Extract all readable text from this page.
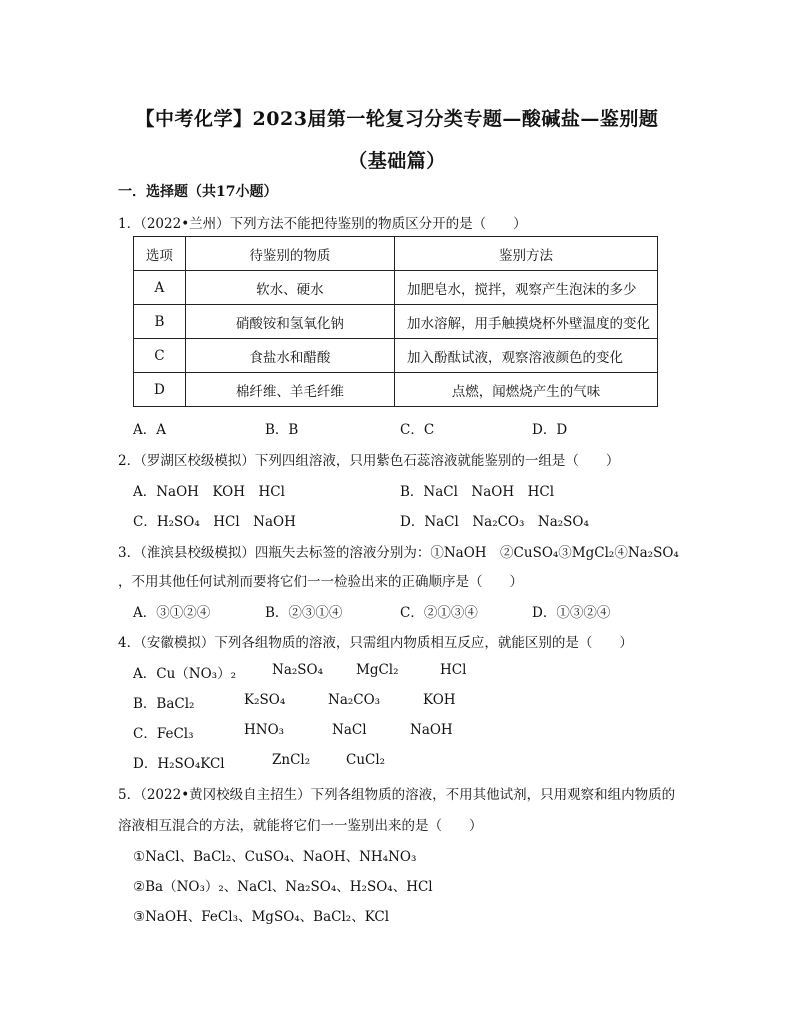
【中考化学】2023届第一轮复习分类专题—酸碱盐—鉴别题
（基础篇）
一．选择题（共17小题）
1．（2022•兰州）下列方法不能把待鉴别的物质区分开的是（　　）
选项	待鉴别的物质	鉴别方法
A	软水、硬水	加肥皂水，搅拌，观察产生泡沫的多少
B	硝酸铵和氢氧化钠	加水溶解，用手触摸烧杯外壁温度的变化
C	食盐水和醋酸	加入酚酞试液，观察溶液颜色的变化
D	棉纤维、羊毛纤维	点燃，闻燃烧产生的气味
A．A	B．B	C．C	D．D
2．（罗湖区校级模拟）下列四组溶液，只用紫色石蕊溶液就能鉴别的一组是（　　）
A．NaOH　KOH　HCl	B．NaCl　NaOH　HCl
C．H₂SO₄　HCl　NaOH	D．NaCl　Na₂CO₃　Na₂SO₄
3．（淮滨县校级模拟）四瓶失去标签的溶液分别为：①NaOH　②CuSO₄③MgCl₂④Na₂SO₄
，不用其他任何试剂而要将它们一一检验出来的正确顺序是（　　）
A．③①②④	B．②③①④	C．②①③④	D．①③②④
4．（安徽模拟）下列各组物质的溶液，只需组内物质相互反应，就能区别的是（　　）
A．Cu（NO₃）₂	Na₂SO₄ MgCl₂	HCl
B．BaCl₂	K₂SO₄	Na₂CO₃	KOH
C．FeCl₃	HNO₃	NaCl	NaOH
D．H₂SO₄KCl	ZnCl₂	CuCl₂
5．（2022•黄冈校级自主招生）下列各组物质的溶液，不用其他试剂，只用观察和组内物质的
溶液相互混合的方法，就能将它们一一鉴别出来的是（　　）
①NaCl、BaCl₂、CuSO₄、NaOH、NH₄NO₃
②Ba（NO₃）₂、NaCl、Na₂SO₄、H₂SO₄、HCl
③NaOH、FeCl₃、MgSO₄、BaCl₂、KCl
